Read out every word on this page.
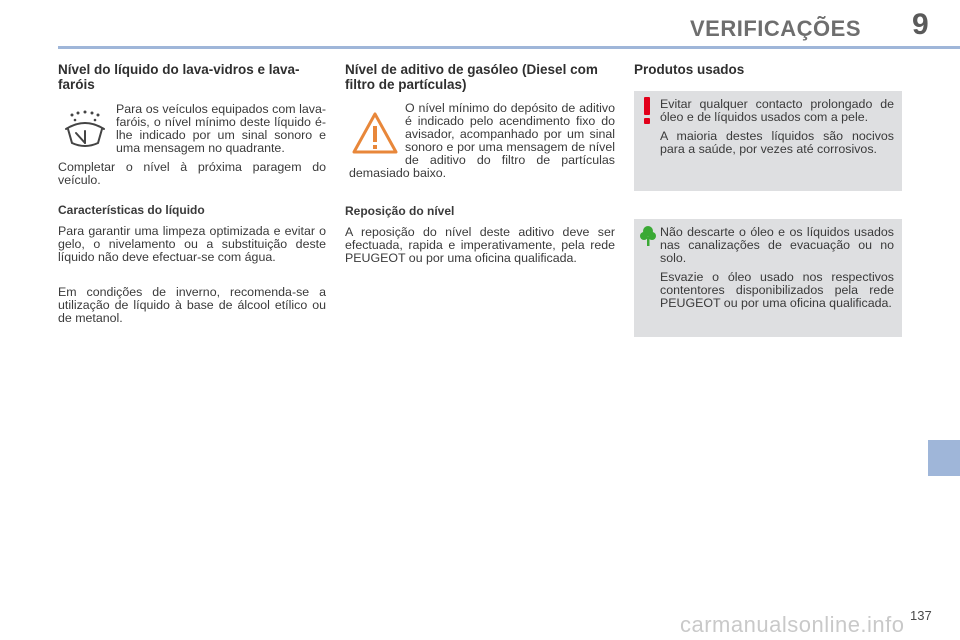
VERIFICAÇÕES 9
Nível do líquido do lava-vidros e lava-faróis

Para os veículos equipados com lava-faróis, o nível mínimo deste líquido é-lhe indicado por um sinal sonoro e uma mensagem no quadrante.

Completar o nível à próxima paragem do veículo.

Características do líquido

Para garantir uma limpeza optimizada e evitar o gelo, o nivelamento ou a substituição deste líquido não deve efectuar-se com água.

Em condições de inverno, recomenda-se a utilização de líquido à base de álcool etílico ou de metanol.

Nível de aditivo de gasóleo (Diesel com filtro de partículas)

O nível mínimo do depósito de aditivo é indicado pelo acendimento fixo do avisador, acompanhado por um sinal sonoro e por uma mensagem de nível de aditivo do filtro de partículas demasiado baixo.

Reposição do nível

A reposição do nível deste aditivo deve ser efectuada, rapida e imperativamente, pela rede PEUGEOT ou por uma oficina qualificada.

Produtos usados

Evitar qualquer contacto prolongado de óleo e de líquidos usados com a pele.

A maioria destes líquidos são nocivos para a saúde, por vezes até corrosivos.

Não descarte o óleo e os líquidos usados nas canalizações de evacuação ou no solo.

Esvazie o óleo usado nos respectivos contentores disponibilizados pela rede PEUGEOT ou por uma oficina qualificada.

carmanualsonline.info 137
